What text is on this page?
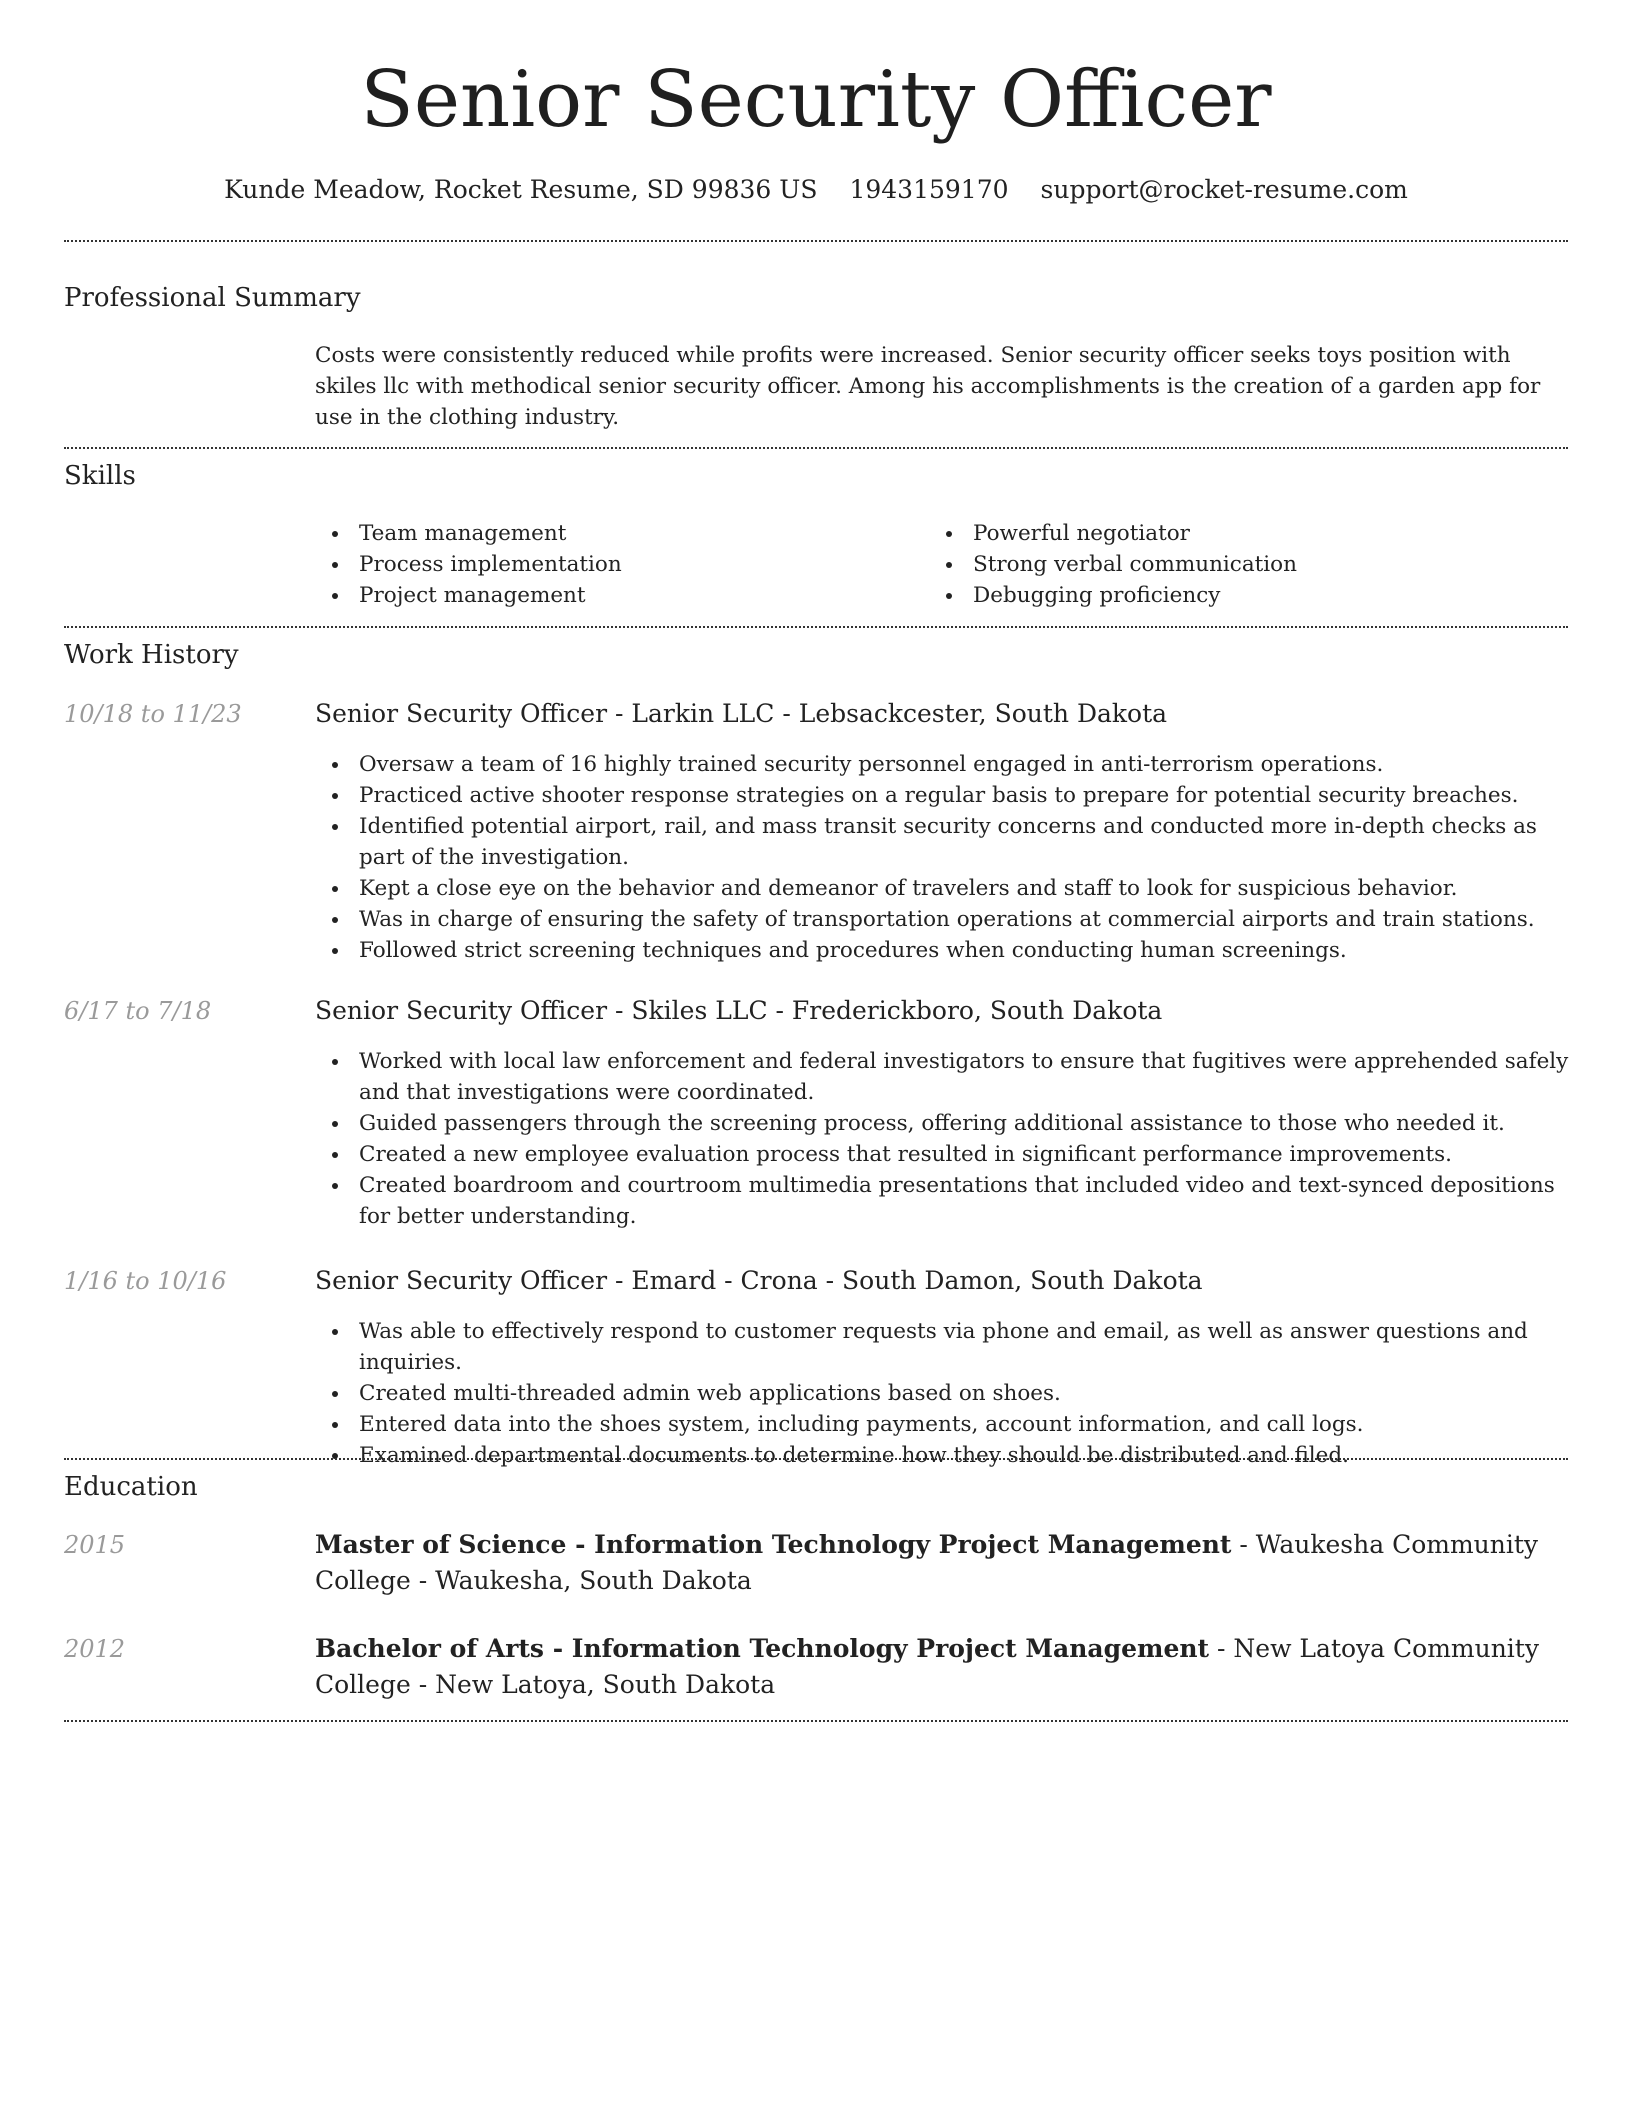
Senior Security Officer
Kunde Meadow, Rocket Resume, SD 99836 US 1943159170 support@rocket-resume.com
Professional Summary

Costs were consistently reduced while profits were increased. Senior security officer seeks toys position with skiles llc with methodical senior security officer. Among his accomplishments is the creation of a garden app for use in the clothing industry.

Skills
Team management
Process implementation
Project management
Powerful negotiator
Strong verbal communication
Debugging proficiency
Work History
10/18 to 11/23	Senior Security Officer - Larkin LLC - Lebsackcester, South Dakota
Oversaw a team of 16 highly trained security personnel engaged in anti-terrorism operations.
Practiced active shooter response strategies on a regular basis to prepare for potential security breaches.
Identified potential airport, rail, and mass transit security concerns and conducted more in-depth checks as part of the investigation.
Kept a close eye on the behavior and demeanor of travelers and staff to look for suspicious behavior.
Was in charge of ensuring the safety of transportation operations at commercial airports and train stations.
Followed strict screening techniques and procedures when conducting human screenings.
6/17 to 7/18	Senior Security Officer - Skiles LLC - Frederickboro, South Dakota
Worked with local law enforcement and federal investigators to ensure that fugitives were apprehended safely and that investigations were coordinated.
Guided passengers through the screening process, offering additional assistance to those who needed it.
Created a new employee evaluation process that resulted in significant performance improvements.
Created boardroom and courtroom multimedia presentations that included video and text-synced depositions for better understanding.
1/16 to 10/16	Senior Security Officer - Emard - Crona - South Damon, South Dakota
Was able to effectively respond to customer requests via phone and email, as well as answer questions and inquiries.
Created multi-threaded admin web applications based on shoes.
Entered data into the shoes system, including payments, account information, and call logs.
Examined departmental documents to determine how they should be distributed and filed.
Education
2015	Master of Science - Information Technology Project Management - Waukesha Community College - Waukesha, South Dakota
2012	Bachelor of Arts - Information Technology Project Management - New Latoya Community College - New Latoya, South Dakota
